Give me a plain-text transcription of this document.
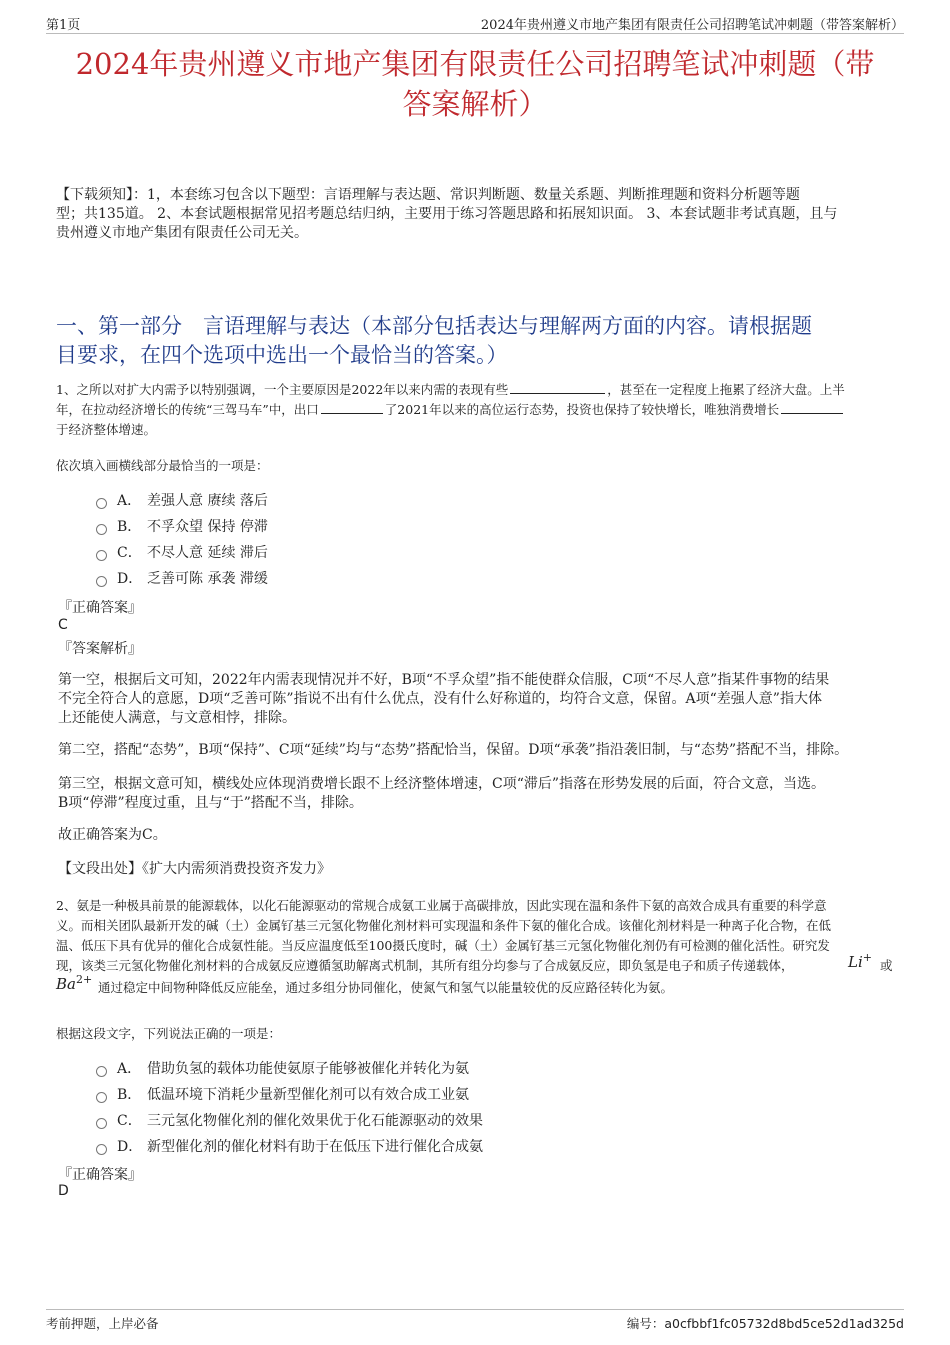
第1页	2024年贵州遵义市地产集团有限责任公司招聘笔试冲刺题（带答案解析）
2024年贵州遵义市地产集团有限责任公司招聘笔试冲刺题（带
答案解析）
【下载须知】：1，本套练习包含以下题型：言语理解与表达题、常识判断题、数量关系题、判断推理题和资料分析题等题
型；共135道。 2、本套试题根据常见招考题总结归纳，主要用于练习答题思路和拓展知识面。 3、本套试题非考试真题，且与
贵州遵义市地产集团有限责任公司无关。
一、第一部分　言语理解与表达（本部分包括表达与理解两方面的内容。请根据题
目要求，在四个选项中选出一个最恰当的答案。）
1、之所以对扩大内需予以特别强调，一个主要原因是2022年以来内需的表现有些	，甚至在一定程度上拖累了经济大盘。上半
年，在拉动经济增长的传统“三驾马车”中，出口	了2021年以来的高位运行态势，投资也保持了较快增长，唯独消费增长
于经济整体增速。
依次填入画横线部分最恰当的一项是：
A． 差强人意 赓续 落后
B． 不孚众望 保持 停滞
C． 不尽人意 延续 滞后
D． 乏善可陈 承袭 滞缓
『正确答案』
C
『答案解析』
第一空，根据后文可知，2022年内需表现情况并不好，B项“不孚众望”指不能使群众信服，C项“不尽人意”指某件事物的结果
不完全符合人的意愿，D项“乏善可陈”指说不出有什么优点，没有什么好称道的，均符合文意，保留。A项“差强人意”指大体
上还能使人满意，与文意相悖，排除。
第二空，搭配“态势”，B项“保持”、C项“延续”均与“态势”搭配恰当，保留。D项“承袭”指沿袭旧制，与“态势”搭配不当，排除。
第三空，根据文意可知，横线处应体现消费增长跟不上经济整体增速，C项“滞后”指落在形势发展的后面，符合文意，当选。
B项“停滞”程度过重，且与“于”搭配不当，排除。
故正确答案为C。
【文段出处】《扩大内需须消费投资齐发力》
2、氨是一种极具前景的能源载体，以化石能源驱动的常规合成氨工业属于高碳排放，因此实现在温和条件下氨的高效合成具有重要的科学意
义。而相关团队最新开发的碱（土）金属钌基三元氢化物催化剂材料可实现温和条件下氨的催化合成。该催化剂材料是一种离子化合物，在低
温、低压下具有优异的催化合成氨性能。当反应温度低至100摄氏度时，碱（土）金属钌基三元氢化物催化剂仍有可检测的催化活性。研究发
现，该类三元氢化物催化剂材料的合成氨反应遵循氢助解离式机制，其所有组分均参与了合成氨反应，即负氢是电子和质子传递载体，	Li+
或
$Ba^{2+}$
通过稳定中间物种降低反应能垒，通过多组分协同催化，使氮气和氢气以能量较优的反应路径转化为氨。
根据这段文字，下列说法正确的一项是：
A． 借助负氢的载体功能使氨原子能够被催化并转化为氨
B． 低温环境下消耗少量新型催化剂可以有效合成工业氨
C． 三元氢化物催化剂的催化效果优于化石能源驱动的效果
D． 新型催化剂的催化材料有助于在低压下进行催化合成氨
『正确答案』
D
考前押题，上岸必备	编号：a0cfbbf1fc05732d8bd5ce52d1ad325d
